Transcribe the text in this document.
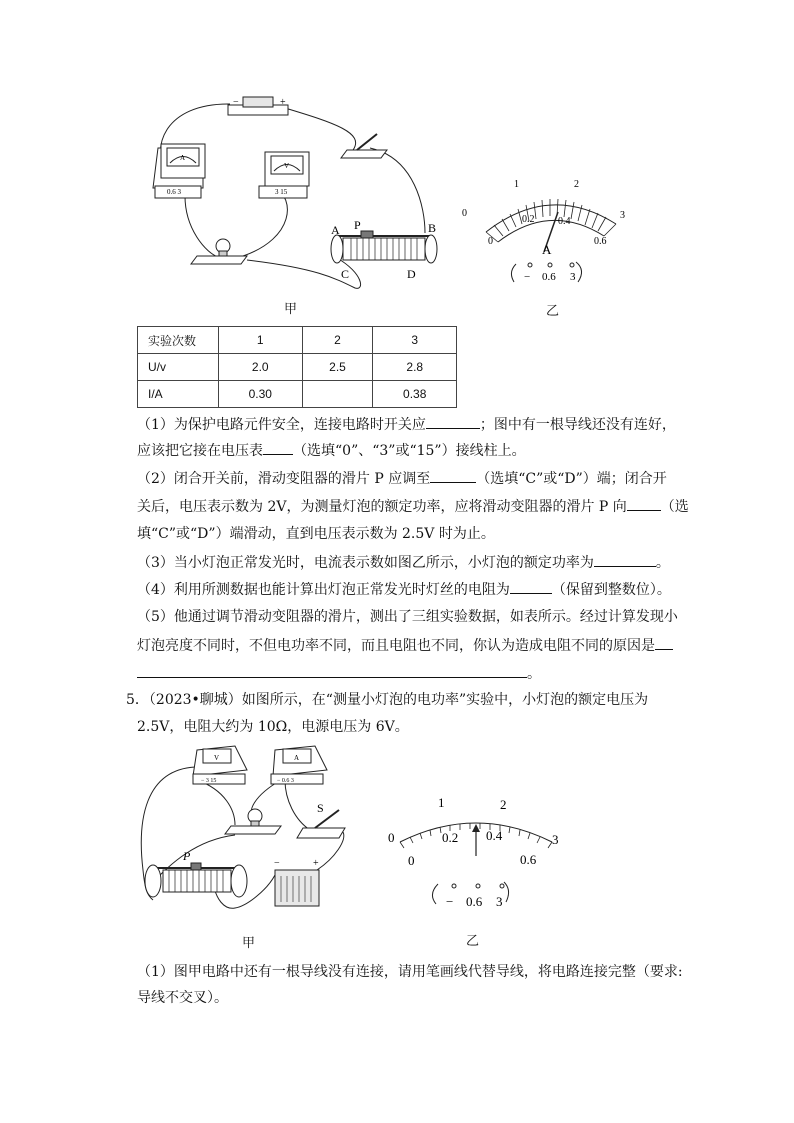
−	+
A
0.6 3
V
3 15
A P	B
C	D
甲
0
1	2
3
0
0.2 0.4
0.6
A
− 0.6 3
乙
实验次数	1	2	3
U/v	2.0	2.5	2.8
I/A	0.30		0.38
（1）为保护电路元件安全，连接电路时开关应	；图中有一根导线还没有连好，
应该把它接在电压表 （选填“0”、“3”或“15”）接线柱上。
（2）闭合开关前，滑动变阻器的滑片 P 应调至	（选填“C”或“D”）端；闭合开
关后，电压表示数为 2V，为测量灯泡的额定功率，应将滑动变阻器的滑片 P 向 （选
填“C”或“D”）端滑动，直到电压表示数为 2.5V 时为止。
（3）当小灯泡正常发光时，电流表示数如图乙所示，小灯泡的额定功率为	。
（4）利用所测数据也能计算出灯泡正常发光时灯丝的电阻为	（保留到整数位）。
（5）他通过调节滑动变阻器的滑片，测出了三组实验数据，如表所示。经过计算发现小
灯泡亮度不同时，不但电功率不同，而且电阻也不同，你认为造成电阻不同的原因是
。
5．（2023•聊城）如图所示，在“测量小灯泡的电功率”实验中，小灯泡的额定电压为
2.5V，电阻大约为 10Ω，电源电压为 6V。
V
− 3 15
A
− 0.6 3
S
P
−	+
甲
0
1	2
3
0
0.2 0.4
0.6
− 0.6 3
乙
（1）图甲电路中还有一根导线没有连接，请用笔画线代替导线，将电路连接完整（要求:
导线不交叉）。
